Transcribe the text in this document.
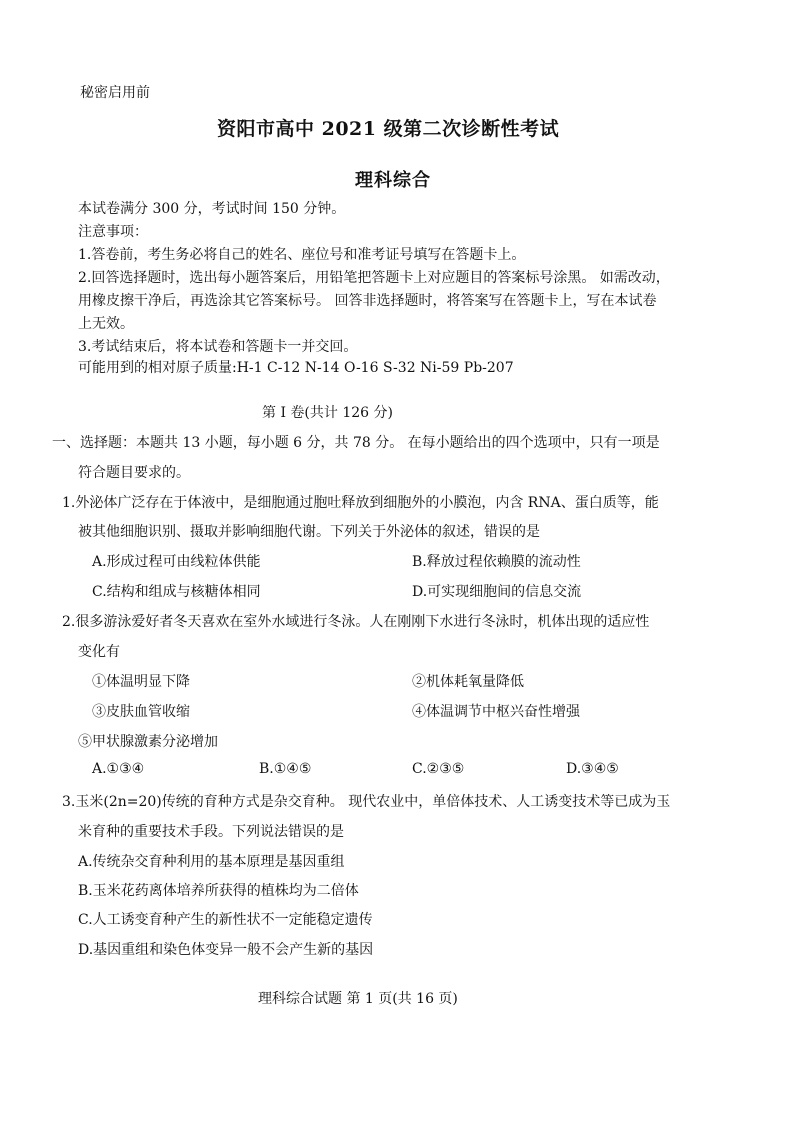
秘密启用前
资阳市高中 2021 级第二次诊断性考试
理科综合
本试卷满分 300 分，考试时间 150 分钟。
注意事项：
1.答卷前，考生务必将自己的姓名、座位号和准考证号填写在答题卡上。
2.回答选择题时，选出每小题答案后，用铅笔把答题卡上对应题目的答案标号涂黑。 如需改动，
用橡皮擦干净后，再选涂其它答案标号。 回答非选择题时，将答案写在答题卡上，写在本试卷
上无效。
3.考试结束后，将本试卷和答题卡一并交回。
可能用到的相对原子质量:H-1 C-12 N-14 O-16 S-32 Ni-59 Pb-207
第 Ⅰ 卷(共计 126 分)
一、选择题：本题共 13 小题，每小题 6 分，共 78 分。 在每小题给出的四个选项中，只有一项是
符合题目要求的。
1.外泌体广泛存在于体液中，是细胞通过胞吐释放到细胞外的小膜泡，内含 RNA、蛋白质等，能
被其他细胞识别、摄取并影响细胞代谢。下列关于外泌体的叙述，错误的是
A.形成过程可由线粒体供能	B.释放过程依赖膜的流动性
C.结构和组成与核糖体相同	D.可实现细胞间的信息交流
2.很多游泳爱好者冬天喜欢在室外水域进行冬泳。人在刚刚下水进行冬泳时，机体出现的适应性
变化有
①体温明显下降	②机体耗氧量降低
③皮肤血管收缩	④体温调节中枢兴奋性增强
⑤甲状腺激素分泌增加
A.①③④	B.①④⑤	C.②③⑤	D.③④⑤
3.玉米(2n=20)传统的育种方式是杂交育种。 现代农业中，单倍体技术、人工诱变技术等已成为玉
米育种的重要技术手段。下列说法错误的是
A.传统杂交育种利用的基本原理是基因重组
B.玉米花药离体培养所获得的植株均为二倍体
C.人工诱变育种产生的新性状不一定能稳定遗传
D.基因重组和染色体变异一般不会产生新的基因
理科综合试题 第 1 页(共 16 页)
